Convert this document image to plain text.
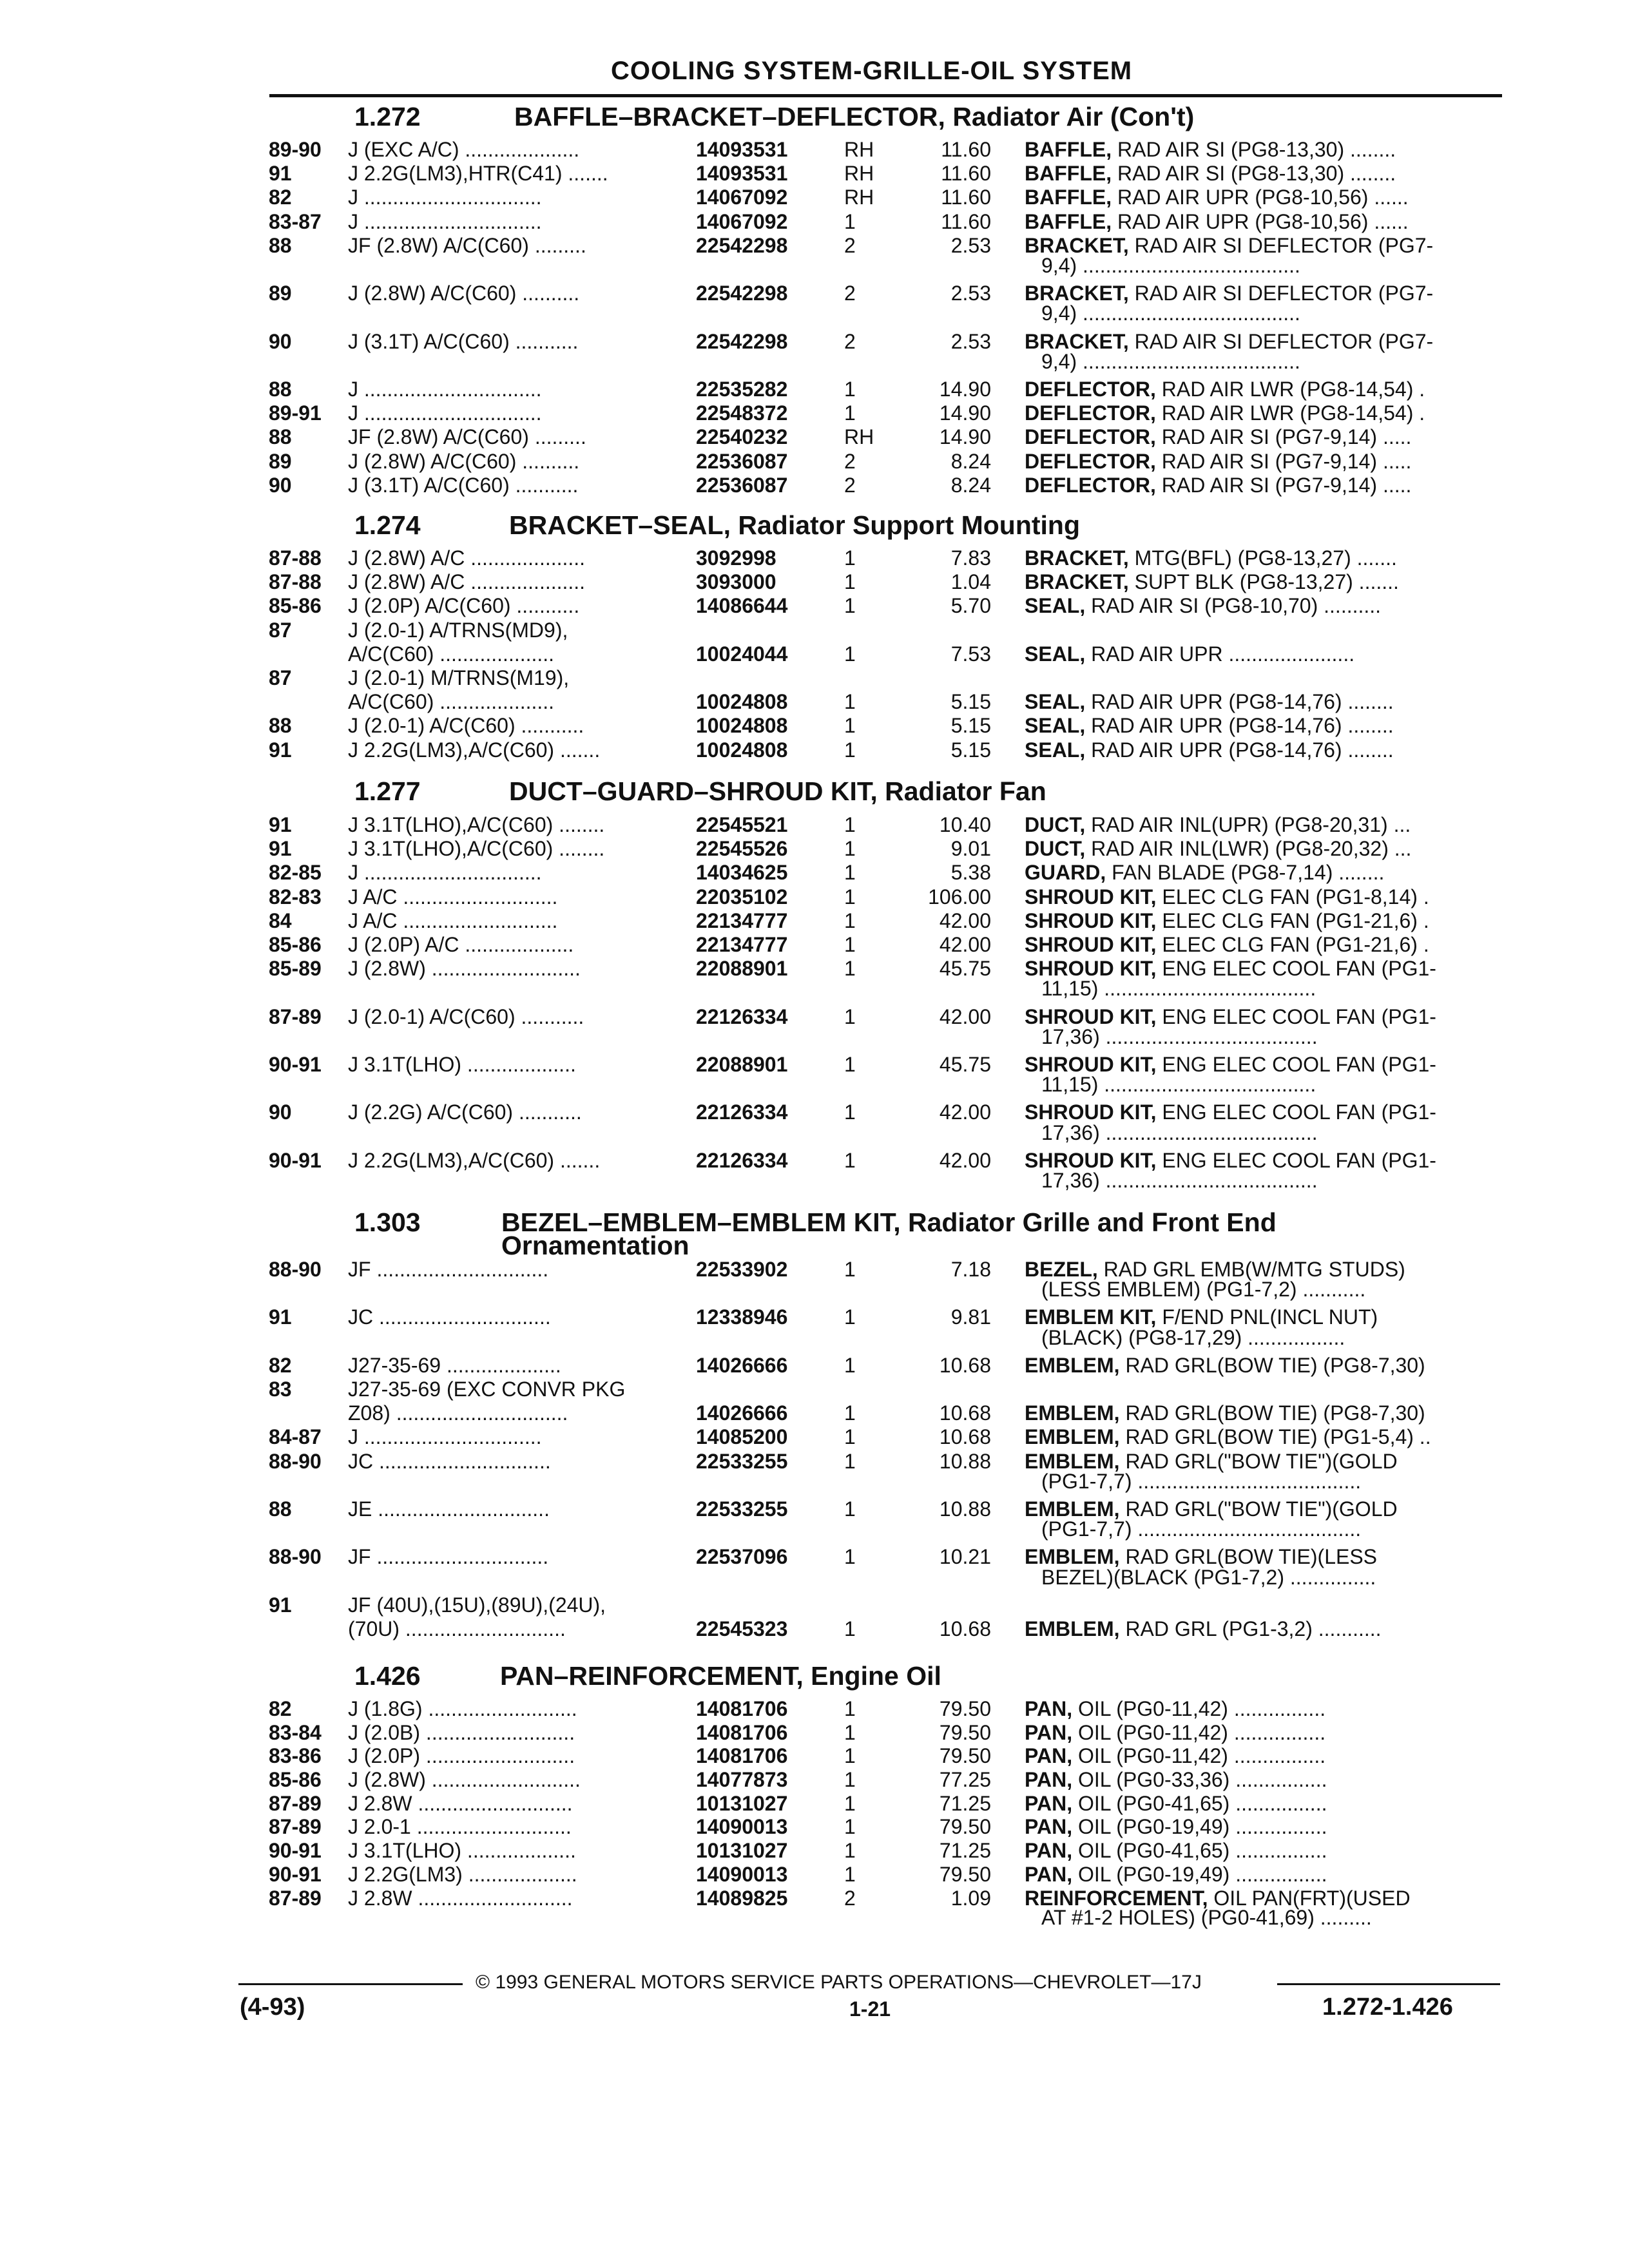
COOLING SYSTEM-GRILLE-OIL SYSTEM
1.272	BAFFLE–BRACKET–DEFLECTOR, Radiator Air (Con't)
89-90 J (EXC A/C) ....................	14093531	RH	11.60 BAFFLE, RAD AIR SI (PG8-13,30) ........
91	J 2.2G(LM3),HTR(C41) .......	14093531	RH	11.60 BAFFLE, RAD AIR SI (PG8-13,30) ........
82	J ...............................	14067092	RH	11.60 BAFFLE, RAD AIR UPR (PG8-10,56) ......
83-87 J ...............................	14067092	1	11.60 BAFFLE, RAD AIR UPR (PG8-10,56) ......
88	JF (2.8W) A/C(C60) .........	22542298	2	2.53 BRACKET, RAD AIR SI DEFLECTOR (PG7-
9,4) ......................................
89	J (2.8W) A/C(C60) ..........	22542298	2	2.53 BRACKET, RAD AIR SI DEFLECTOR (PG7-
9,4) ......................................
90	J (3.1T) A/C(C60) ...........	22542298	2	2.53 BRACKET, RAD AIR SI DEFLECTOR (PG7-
9,4) ......................................
88	J ...............................	22535282	1	14.90 DEFLECTOR, RAD AIR LWR (PG8-14,54) .
89-91 J ...............................	22548372	1	14.90 DEFLECTOR, RAD AIR LWR (PG8-14,54) .
88	JF (2.8W) A/C(C60) .........	22540232	RH	14.90 DEFLECTOR, RAD AIR SI (PG7-9,14) .....
89	J (2.8W) A/C(C60) ..........	22536087	2	8.24 DEFLECTOR, RAD AIR SI (PG7-9,14) .....
90	J (3.1T) A/C(C60) ...........	22536087	2	8.24 DEFLECTOR, RAD AIR SI (PG7-9,14) .....
1.274	BRACKET–SEAL, Radiator Support Mounting
87-88 J (2.8W) A/C ....................	3092998	1	7.83 BRACKET, MTG(BFL) (PG8-13,27) .......
87-88 J (2.8W) A/C ....................	3093000	1	1.04 BRACKET, SUPT BLK (PG8-13,27) .......
85-86 J (2.0P) A/C(C60) ...........	14086644	1	5.70 SEAL, RAD AIR SI (PG8-10,70) ..........
87	J (2.0-1) A/TRNS(MD9),
A/C(C60) ....................	10024044	1	7.53 SEAL, RAD AIR UPR ......................
87	J (2.0-1) M/TRNS(M19),
A/C(C60) ....................	10024808	1	5.15 SEAL, RAD AIR UPR (PG8-14,76) ........
88	J (2.0-1) A/C(C60) ...........	10024808	1	5.15 SEAL, RAD AIR UPR (PG8-14,76) ........
91	J 2.2G(LM3),A/C(C60) .......	10024808	1	5.15 SEAL, RAD AIR UPR (PG8-14,76) ........
1.277	DUCT–GUARD–SHROUD KIT, Radiator Fan
91	J 3.1T(LHO),A/C(C60) ........	22545521	1	10.40 DUCT, RAD AIR INL(UPR) (PG8-20,31) ...
91	J 3.1T(LHO),A/C(C60) ........	22545526	1	9.01 DUCT, RAD AIR INL(LWR) (PG8-20,32) ...
82-85 J ...............................	14034625	1	5.38 GUARD, FAN BLADE (PG8-7,14) ........
82-83 J A/C ...........................	22035102	1	106.00 SHROUD KIT, ELEC CLG FAN (PG1-8,14) .
84	J A/C ...........................	22134777	1	42.00 SHROUD KIT, ELEC CLG FAN (PG1-21,6) .
85-86 J (2.0P) A/C ...................	22134777	1	42.00 SHROUD KIT, ELEC CLG FAN (PG1-21,6) .
85-89 J (2.8W) ..........................	22088901	1	45.75 SHROUD KIT, ENG ELEC COOL FAN (PG1-
11,15) .....................................
87-89 J (2.0-1) A/C(C60) ...........	22126334	1	42.00 SHROUD KIT, ENG ELEC COOL FAN (PG1-
17,36) .....................................
90-91 J 3.1T(LHO) ...................	22088901	1	45.75 SHROUD KIT, ENG ELEC COOL FAN (PG1-
11,15) .....................................
90	J (2.2G) A/C(C60) ...........	22126334	1	42.00 SHROUD KIT, ENG ELEC COOL FAN (PG1-
17,36) .....................................
90-91 J 2.2G(LM3),A/C(C60) .......	22126334	1	42.00 SHROUD KIT, ENG ELEC COOL FAN (PG1-
17,36) .....................................
1.303	BEZEL–EMBLEM–EMBLEM KIT, Radiator Grille and Front End
Ornamentation
88-90 JF ..............................	22533902	1	7.18 BEZEL, RAD GRL EMB(W/MTG STUDS)
(LESS EMBLEM) (PG1-7,2) ...........
91	JC ..............................	12338946	1	9.81 EMBLEM KIT, F/END PNL(INCL NUT)
(BLACK) (PG8-17,29) .................
82	J27-35-69 ....................	14026666	1	10.68 EMBLEM, RAD GRL(BOW TIE) (PG8-7,30)
83	J27-35-69 (EXC CONVR PKG
Z08) ..............................	14026666	1	10.68 EMBLEM, RAD GRL(BOW TIE) (PG8-7,30)
84-87 J ...............................	14085200	1	10.68 EMBLEM, RAD GRL(BOW TIE) (PG1-5,4) ..
88-90 JC ..............................	22533255	1	10.88 EMBLEM, RAD GRL("BOW TIE")(GOLD
(PG1-7,7) .......................................
88	JE ..............................	22533255	1	10.88 EMBLEM, RAD GRL("BOW TIE")(GOLD
(PG1-7,7) .......................................
88-90 JF ..............................	22537096	1	10.21 EMBLEM, RAD GRL(BOW TIE)(LESS
BEZEL)(BLACK (PG1-7,2) ...............
91	JF (40U),(15U),(89U),(24U),
(70U) ............................	22545323	1	10.68 EMBLEM, RAD GRL (PG1-3,2) ...........
1.426	PAN–REINFORCEMENT, Engine Oil
82	J (1.8G) ..........................	14081706	1	79.50 PAN, OIL (PG0-11,42) ................
83-84 J (2.0B) ..........................	14081706	1	79.50 PAN, OIL (PG0-11,42) ................
83-86 J (2.0P) ..........................	14081706	1	79.50 PAN, OIL (PG0-11,42) ................
85-86 J (2.8W) ..........................	14077873	1	77.25 PAN, OIL (PG0-33,36) ................
87-89 J 2.8W ...........................	10131027	1	71.25 PAN, OIL (PG0-41,65) ................
87-89 J 2.0-1 ...........................	14090013	1	79.50 PAN, OIL (PG0-19,49) ................
90-91 J 3.1T(LHO) ...................	10131027	1	71.25 PAN, OIL (PG0-41,65) ................
90-91 J 2.2G(LM3) ...................	14090013	1	79.50 PAN, OIL (PG0-19,49) ................
87-89 J 2.8W ...........................	14089825	2	1.09 REINFORCEMENT, OIL PAN(FRT)(USED
AT #1-2 HOLES) (PG0-41,69) .........
© 1993 GENERAL MOTORS SERVICE PARTS OPERATIONS—CHEVROLET—17J
(4-93)	1-21	1.272-1.426
